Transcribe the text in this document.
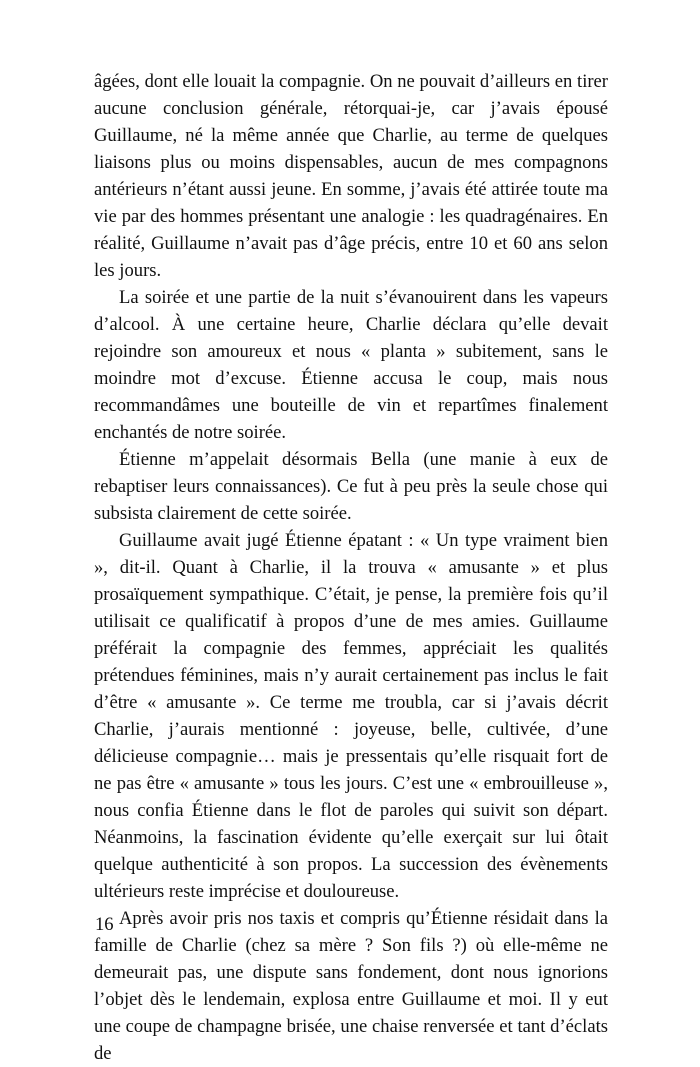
âgées, dont elle louait la compagnie. On ne pouvait d’ailleurs en tirer aucune conclusion générale, rétorquai-je, car j’avais épousé Guillaume, né la même année que Charlie, au terme de quelques liaisons plus ou moins dispensables, aucun de mes compagnons antérieurs n’étant aussi jeune. En somme, j’avais été attirée toute ma vie par des hommes présentant une analogie : les quadragénaires. En réalité, Guillaume n’avait pas d’âge précis, entre 10 et 60 ans selon les jours.

La soirée et une partie de la nuit s’évanouirent dans les vapeurs d’alcool. À une certaine heure, Charlie déclara qu’elle devait rejoindre son amoureux et nous « planta » subitement, sans le moindre mot d’excuse. Étienne accusa le coup, mais nous recommandâmes une bouteille de vin et repartîmes finalement enchantés de notre soirée.

Étienne m’appelait désormais Bella (une manie à eux de rebaptiser leurs connaissances). Ce fut à peu près la seule chose qui subsista clairement de cette soirée.

Guillaume avait jugé Étienne épatant : « Un type vraiment bien », dit-il. Quant à Charlie, il la trouva « amusante » et plus prosaïquement sympathique. C’était, je pense, la première fois qu’il utilisait ce qualificatif à propos d’une de mes amies. Guillaume préférait la compagnie des femmes, appréciait les qualités prétendues féminines, mais n’y aurait certainement pas inclus le fait d’être « amusante ». Ce terme me troubla, car si j’avais décrit Charlie, j’aurais mentionné : joyeuse, belle, cultivée, d’une délicieuse compagnie… mais je pressentais qu’elle risquait fort de ne pas être « amusante » tous les jours. C’est une « embrouilleuse », nous confia Étienne dans le flot de paroles qui suivit son départ. Néanmoins, la fascination évidente qu’elle exerçait sur lui ôtait quelque authenticité à son propos. La succession des évènements ultérieurs reste imprécise et douloureuse.

Après avoir pris nos taxis et compris qu’Étienne résidait dans la famille de Charlie (chez sa mère ? Son fils ?) où elle-même ne demeurait pas, une dispute sans fondement, dont nous ignorions l’objet dès le lendemain, explosa entre Guillaume et moi. Il y eut une coupe de champagne brisée, une chaise renversée et tant d’éclats de

16
